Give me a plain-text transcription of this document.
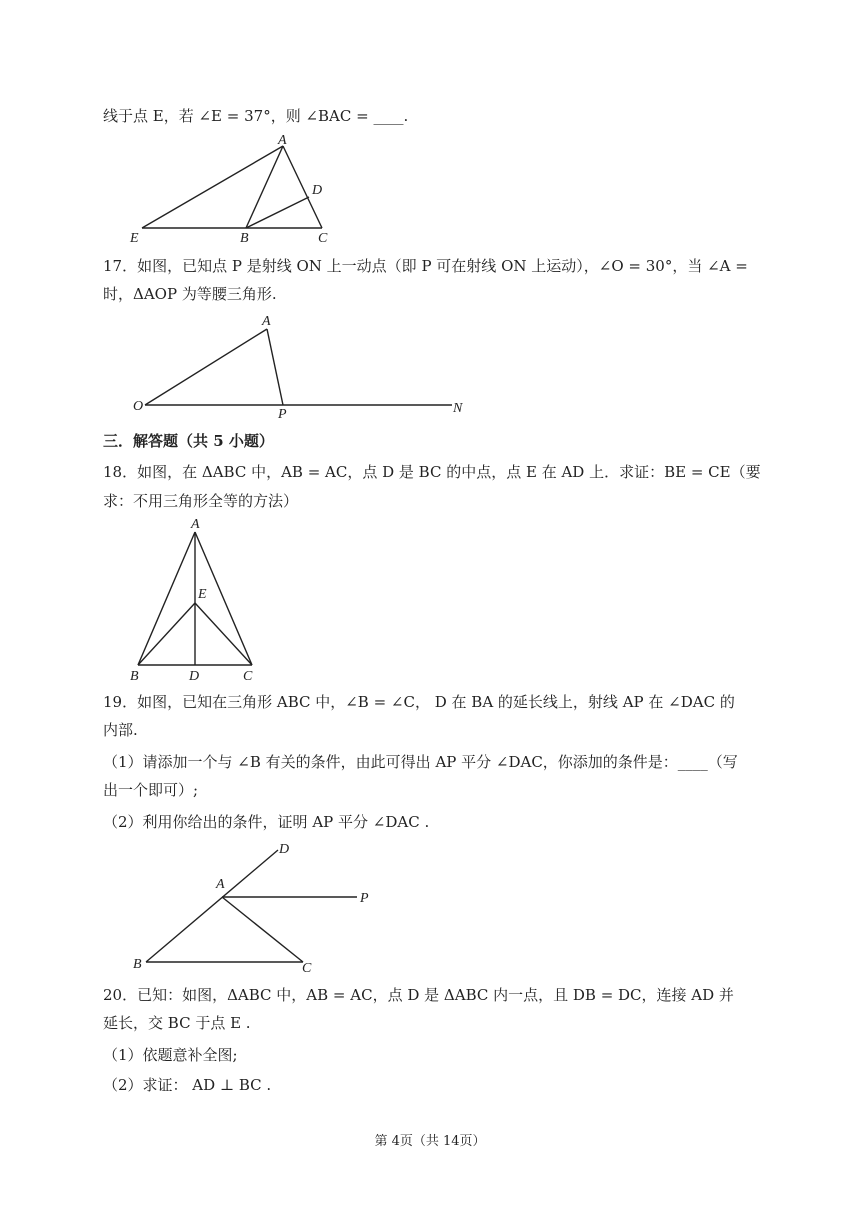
线于点 E，若 ∠E = 37°，则 ∠BAC = ____.
A
D
E	B	C
A
O
P	N
A
E
B	D	C
D
A
P
B	C
17．如图，已知点 P 是射线 ON 上一动点（即 P 可在射线 ON 上运动），∠O = 30°，当 ∠A =
时，ΔAOP 为等腰三角形.
三．解答题（共 5 小题）
18．如图，在 ΔABC 中，AB = AC，点 D 是 BC 的中点，点 E 在 AD 上．求证：BE = CE（要
求：不用三角形全等的方法）
19．如图，已知在三角形 ABC 中，∠B = ∠C， D 在 BA 的延长线上，射线 AP 在 ∠DAC 的
内部.
（1）请添加一个与 ∠B 有关的条件，由此可得出 AP 平分 ∠DAC，你添加的条件是：____（写
出一个即可）;
（2）利用你给出的条件，证明 AP 平分 ∠DAC .
20．已知：如图，ΔABC 中，AB = AC，点 D 是 ΔABC 内一点，且 DB = DC，连接 AD 并
延长，交 BC 于点 E .
（1）依题意补全图;
（2）求证： AD ⊥ BC .
第 4页（共 14页）
